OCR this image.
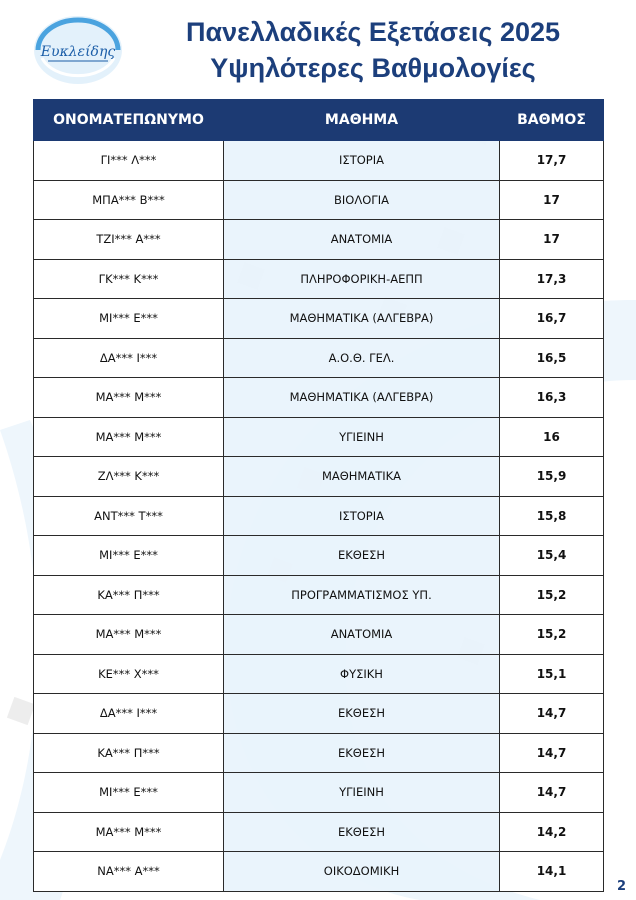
Ευκλείδης
Πανελλαδικές Εξετάσεις 2025
Υψηλότερες Βαθμολογίες
ΟΝΟΜΑΤΕΠΩΝΥΜΟ	ΜΑΘΗΜΑ	ΒΑΘΜΟΣ
ΓΙ*** Λ***	ΙΣΤΟΡΙΑ	17,7
ΜΠΑ*** Β***	ΒΙΟΛΟΓΙΑ	17
ΤΖΙ*** Α***	ΑΝΑΤΟΜΙΑ	17
ΓΚ*** Κ***	ΠΛΗΡΟΦΟΡΙΚΗ-ΑΕΠΠ	17,3
ΜΙ*** Ε***	ΜΑΘΗΜΑΤΙΚΑ (ΑΛΓΕΒΡΑ)	16,7
ΔΑ*** Ι***	Α.Ο.Θ. ΓΕΛ.	16,5
ΜΑ*** Μ***	ΜΑΘΗΜΑΤΙΚΑ (ΑΛΓΕΒΡΑ)	16,3
ΜΑ*** Μ***	ΥΓΙΕΙΝΗ	16
ΖΛ*** Κ***	ΜΑΘΗΜΑΤΙΚΑ	15,9
ΑΝΤ*** Τ***	ΙΣΤΟΡΙΑ	15,8
ΜΙ*** Ε***	ΕΚΘΕΣΗ	15,4
ΚΑ*** Π***	ΠΡΟΓΡΑΜΜΑΤΙΣΜΟΣ ΥΠ.	15,2
ΜΑ*** Μ***	ΑΝΑΤΟΜΙΑ	15,2
ΚΕ*** Χ***	ΦΥΣΙΚΗ	15,1
ΔΑ*** Ι***	ΕΚΘΕΣΗ	14,7
ΚΑ*** Π***	ΕΚΘΕΣΗ	14,7
ΜΙ*** Ε***	ΥΓΙΕΙΝΗ	14,7
ΜΑ*** Μ***	ΕΚΘΕΣΗ	14,2
ΝΑ*** Α***	ΟΙΚΟΔΟΜΙΚΗ	14,1
2
